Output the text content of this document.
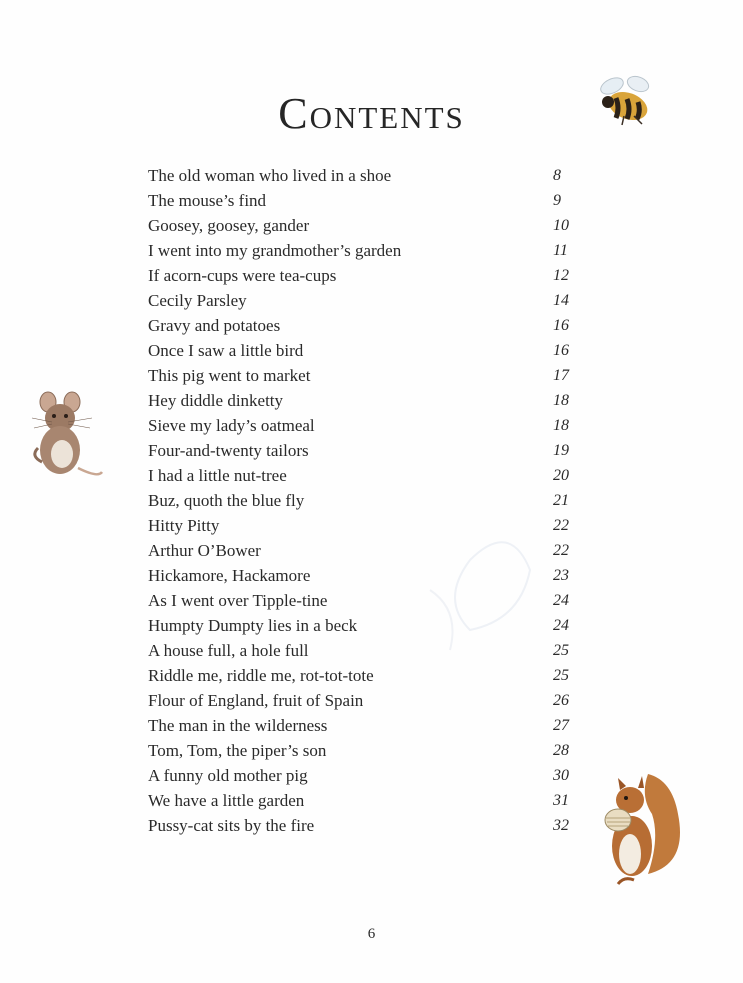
Contents
The old woman who lived in a shoe	8
The mouse’s find	9
Goosey, goosey, gander	10
I went into my grandmother’s garden	11
If acorn-cups were tea-cups	12
Cecily Parsley	14
Gravy and potatoes	16
Once I saw a little bird	16
This pig went to market	17
Hey diddle dinketty	18
Sieve my lady’s oatmeal	18
Four-and-twenty tailors	19
I had a little nut-tree	20
Buz, quoth the blue fly	21
Hitty Pitty	22
Arthur O’Bower	22
Hickamore, Hackamore	23
As I went over Tipple-tine	24
Humpty Dumpty lies in a beck	24
A house full, a hole full	25
Riddle me, riddle me, rot-tot-tote	25
Flour of England, fruit of Spain	26
The man in the wilderness	27
Tom, Tom, the piper’s son	28
A funny old mother pig	30
We have a little garden	31
Pussy-cat sits by the fire	32
6
